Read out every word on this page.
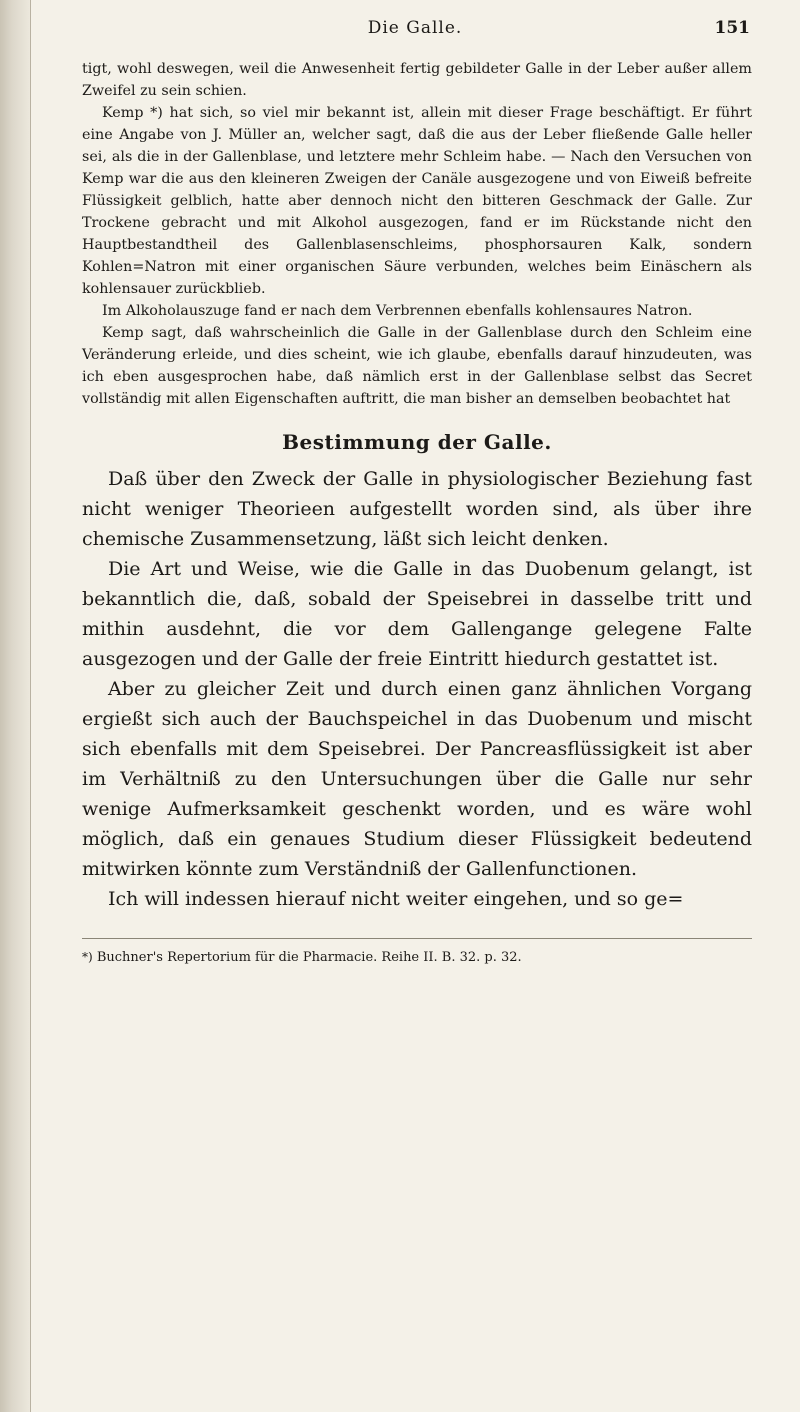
Die Galle.	151

tigt, wohl deswegen, weil die Anwesenheit fertig gebildeter Galle in der Leber außer allem Zweifel zu sein schien.

Kemp *) hat sich, so viel mir bekannt ist, allein mit dieser Frage beschäftigt. Er führt eine Angabe von J. Müller an, welcher sagt, daß die aus der Leber fließende Galle heller sei, als die in der Gallenblase, und letztere mehr Schleim habe. — Nach den Versuchen von Kemp war die aus den kleineren Zweigen der Canäle ausgezogene und von Eiweiß befreite Flüssigkeit gelblich, hatte aber dennoch nicht den bitteren Geschmack der Galle. Zur Trockene gebracht und mit Alkohol ausgezogen, fand er im Rückstande nicht den Hauptbestandtheil des Gallenblasenschleims, phosphorsauren Kalk, sondern Kohlen=Natron mit einer organischen Säure verbunden, welches beim Einäschern als kohlensauer zurückblieb.

Im Alkoholauszuge fand er nach dem Verbrennen ebenfalls kohlensaures Natron.

Kemp sagt, daß wahrscheinlich die Galle in der Gallenblase durch den Schleim eine Veränderung erleide, und dies scheint, wie ich glaube, ebenfalls darauf hinzudeuten, was ich eben ausgesprochen habe, daß nämlich erst in der Gallenblase selbst das Secret vollständig mit allen Eigenschaften auftritt, die man bisher an demselben beobachtet hat

Bestimmung der Galle.

Daß über den Zweck der Galle in physiologischer Beziehung fast nicht weniger Theorieen aufgestellt worden sind, als über ihre chemische Zusammensetzung, läßt sich leicht denken.

Die Art und Weise, wie die Galle in das Duobenum gelangt, ist bekanntlich die, daß, sobald der Speisebrei in dasselbe tritt und mithin ausdehnt, die vor dem Gallengange gelegene Falte ausgezogen und der Galle der freie Eintritt hiedurch gestattet ist.

Aber zu gleicher Zeit und durch einen ganz ähnlichen Vorgang ergießt sich auch der Bauchspeichel in das Duobenum und mischt sich ebenfalls mit dem Speisebrei. Der Pancreasflüssigkeit ist aber im Verhältniß zu den Untersuchungen über die Galle nur sehr wenige Aufmerksamkeit geschenkt worden, und es wäre wohl möglich, daß ein genaues Studium dieser Flüssigkeit bedeutend mitwirken könnte zum Verständniß der Gallenfunctionen.

Ich will indessen hierauf nicht weiter eingehen, und so ge=

*) Buchner's Repertorium für die Pharmacie. Reihe II. B. 32. p. 32.
